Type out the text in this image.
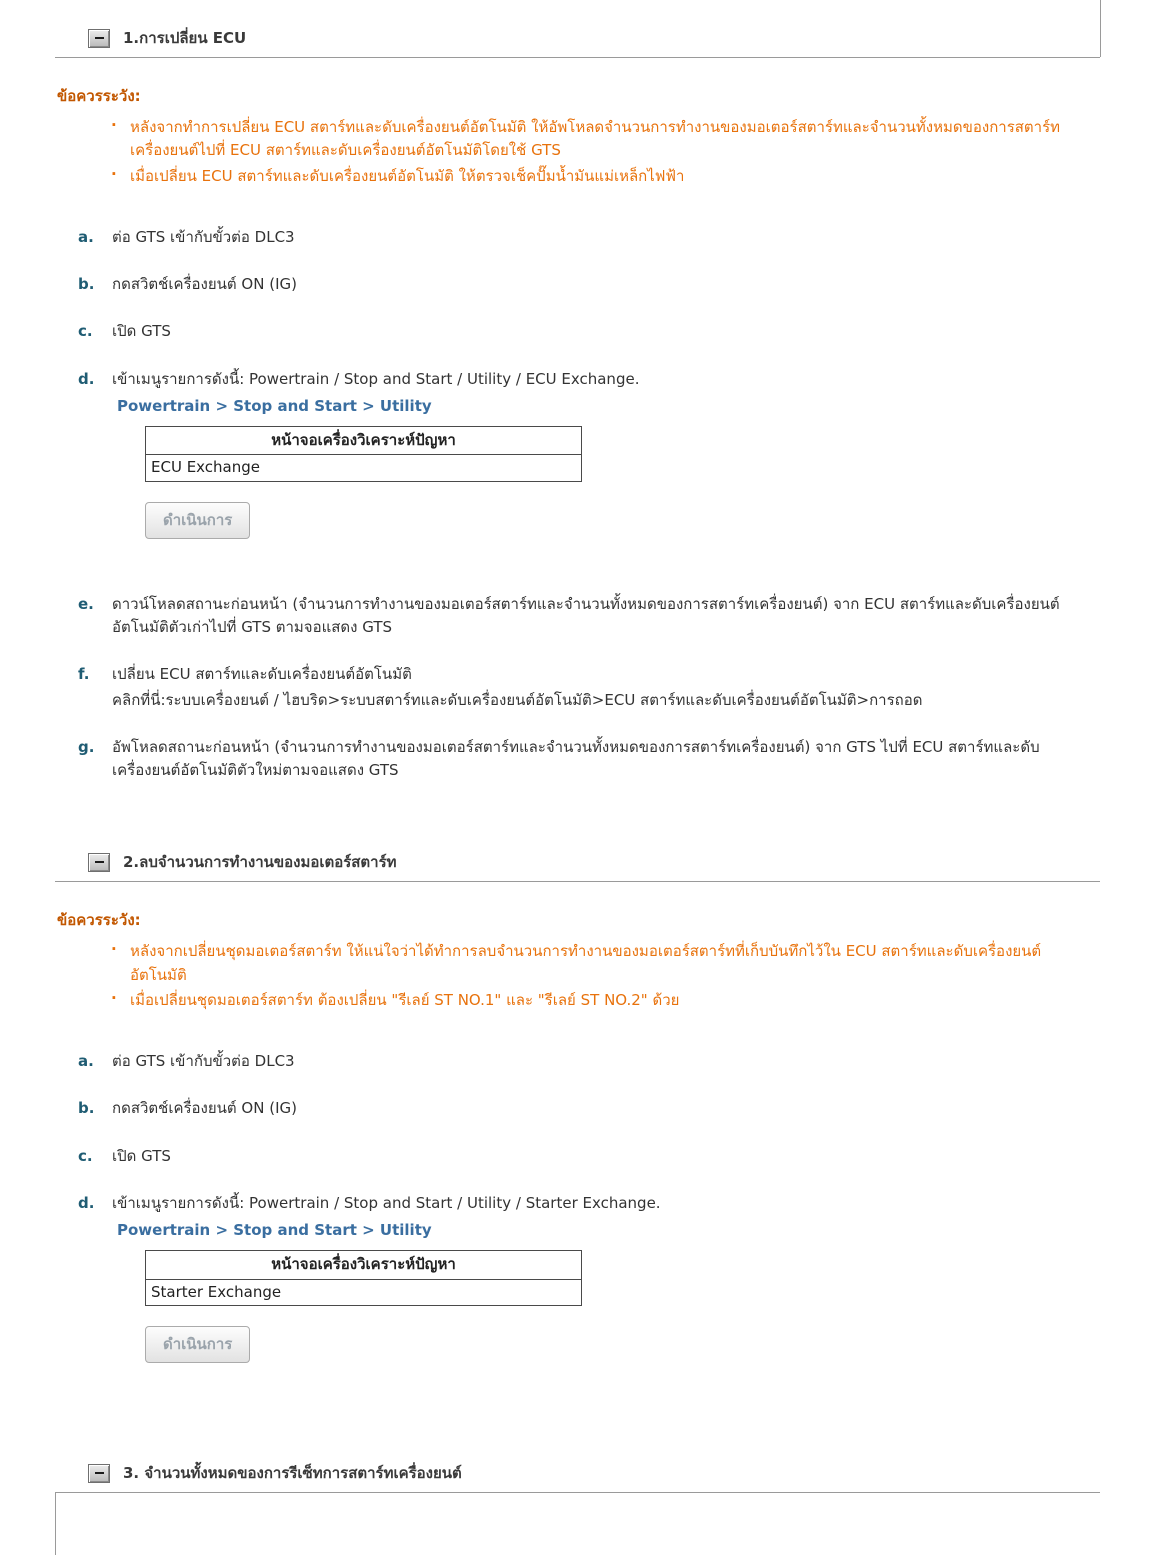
1.การเปลี่ยน ECU
ข้อควรระวัง:
· หลังจากทำการเปลี่ยน ECU สตาร์ทและดับเครื่องยนต์อัตโนมัติ ให้อัพโหลดจำนวนการทำงานของมอเตอร์สตาร์ทและจำนวนทั้งหมดของการสตาร์ทเครื่องยนต์ไปที่ ECU สตาร์ทและดับเครื่องยนต์อัตโนมัติโดยใช้ GTS
· เมื่อเปลี่ยน ECU สตาร์ทและดับเครื่องยนต์อัตโนมัติ ให้ตรวจเช็คปั๊มน้ำมันแม่เหล็กไฟฟ้า
a.	ต่อ GTS เข้ากับขั้วต่อ DLC3
b.	กดสวิตช์เครื่องยนต์ ON (IG)
c.	เปิด GTS
d.	เข้าเมนูรายการดังนี้: Powertrain / Stop and Start / Utility / ECU Exchange.
Powertrain > Stop and Start > Utility
หน้าจอเครื่องวิเคราะห์ปัญหา
ECU Exchange
ดำเนินการ
e.	ดาวน์โหลดสถานะก่อนหน้า (จำนวนการทำงานของมอเตอร์สตาร์ทและจำนวนทั้งหมดของการสตาร์ทเครื่องยนต์) จาก ECU สตาร์ทและดับเครื่องยนต์อัตโนมัติตัวเก่าไปที่ GTS ตามจอแสดง GTS
f.	เปลี่ยน ECU สตาร์ทและดับเครื่องยนต์อัตโนมัติ
คลิกที่นี่:ระบบเครื่องยนต์ / ไฮบริด>ระบบสตาร์ทและดับเครื่องยนต์อัตโนมัติ>ECU สตาร์ทและดับเครื่องยนต์อัตโนมัติ>การถอด
g.	อัพโหลดสถานะก่อนหน้า (จำนวนการทำงานของมอเตอร์สตาร์ทและจำนวนทั้งหมดของการสตาร์ทเครื่องยนต์) จาก GTS ไปที่ ECU สตาร์ทและดับเครื่องยนต์อัตโนมัติตัวใหม่ตามจอแสดง GTS
2.ลบจำนวนการทำงานของมอเตอร์สตาร์ท
ข้อควรระวัง:
· หลังจากเปลี่ยนชุดมอเตอร์สตาร์ท ให้แน่ใจว่าได้ทำการลบจำนวนการทำงานของมอเตอร์สตาร์ทที่เก็บบันทึกไว้ใน ECU สตาร์ทและดับเครื่องยนต์อัตโนมัติ
· เมื่อเปลี่ยนชุดมอเตอร์สตาร์ท ต้องเปลี่ยน "รีเลย์ ST NO.1" และ "รีเลย์ ST NO.2" ด้วย
a.	ต่อ GTS เข้ากับขั้วต่อ DLC3
b.	กดสวิตช์เครื่องยนต์ ON (IG)
c.	เปิด GTS
d.	เข้าเมนูรายการดังนี้: Powertrain / Stop and Start / Utility / Starter Exchange.
Powertrain > Stop and Start > Utility
หน้าจอเครื่องวิเคราะห์ปัญหา
Starter Exchange
ดำเนินการ
3. จำนวนทั้งหมดของการรีเซ็ทการสตาร์ทเครื่องยนต์
